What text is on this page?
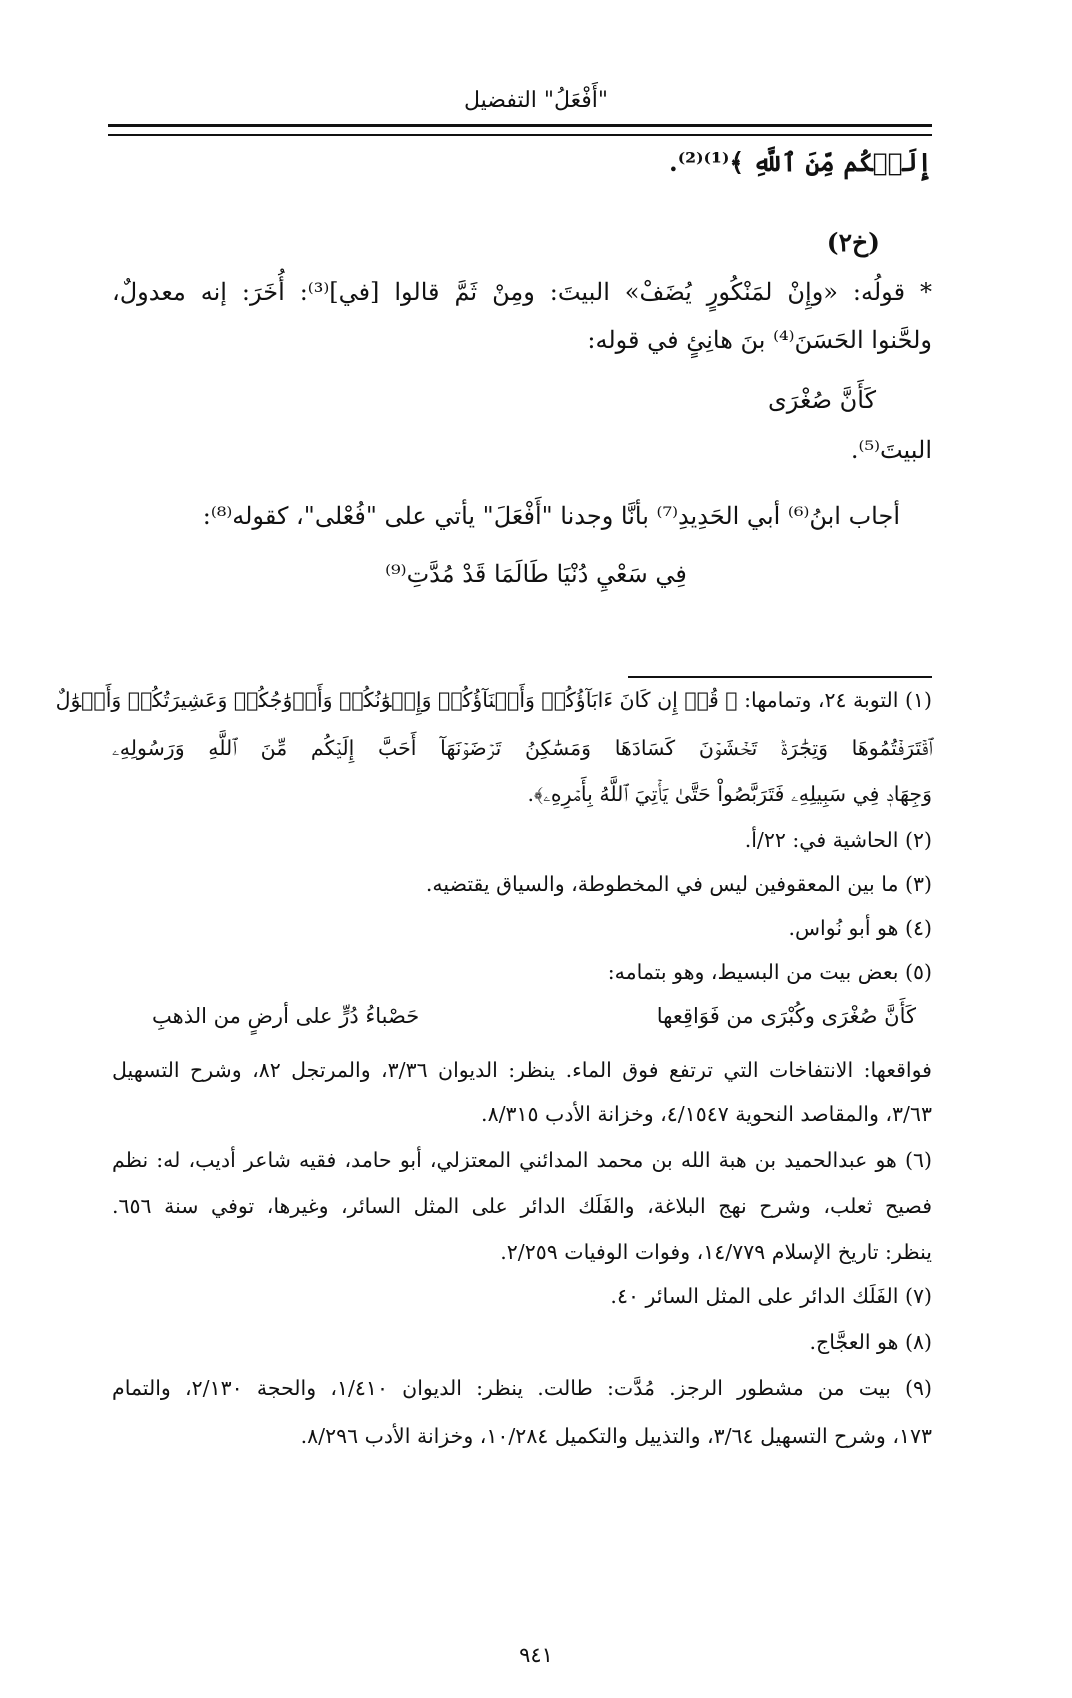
"أَفْعَلُ" التفضيل
إِلَيۡكُم مِّنَ ٱللَّهِ ﴾⁽¹⁾⁽²⁾.
(خ٢)
* قولُه: «وإِنْ لمَنْكُورٍ يُضَفْ» البيتَ: ومِنْ ثَمَّ قالوا [في]⁽³⁾: أُخَرَ: إنه معدولٌ،
ولحَّنوا الحَسَنَ⁽⁴⁾ بنَ هانِئٍ في قوله:
كَأَنَّ صُغْرَى
البيتَ⁽⁵⁾.
أجاب ابنُ⁽⁶⁾ أبي الحَدِيدِ⁽⁷⁾ بأنَّا وجدنا "أَفْعَلَ" يأتي على "فُعْلى"، كقوله⁽⁸⁾:
فِي سَعْيِ دُنْيَا طَالَمَا قَدْ مُدَّتِ⁽⁹⁾
(١) التوبة ٢٤، وتمامها: ﴿ قُلۡ إِن كَانَ ءَابَآؤُكُمۡ وَأَبۡنَآؤُكُمۡ وَإِخۡوَٰنُكُمۡ وَأَزۡوَٰجُكُمۡ وَعَشِيرَتُكُمۡ وَأَمۡوَٰلٌ
ٱقۡتَرَفۡتُمُوهَا وَتِجَٰرَةٞ تَخۡشَوۡنَ كَسَادَهَا وَمَسَٰكِنُ تَرۡضَوۡنَهَآ أَحَبَّ إِلَيۡكُم مِّنَ ٱللَّهِ وَرَسُولِهِۦ
وَجِهَادٖ فِي سَبِيلِهِۦ فَتَرَبَّصُواْ حَتَّىٰ يَأۡتِيَ ٱللَّهُ بِأَمۡرِهِۦ﴾.
(٢) الحاشية في: ٢٢/أ.
(٣) ما بين المعقوفين ليس في المخطوطة، والسياق يقتضيه.
(٤) هو أبو نُواس.
(٥) بعض بيت من البسيط، وهو بتمامه:
كَأَنَّ صُغْرَى وكُبْرَى من فَوَاقِعها
حَصْباءُ دُرٍّ على أرضٍ من الذهبِ
فواقعها: الانتفاخات التي ترتفع فوق الماء. ينظر: الديوان ٣/٣٦، والمرتجل ٨٢، وشرح التسهيل
٣/٦٣، والمقاصد النحوية ٤/١٥٤٧، وخزانة الأدب ٨/٣١٥.
(٦) هو عبدالحميد بن هبة الله بن محمد المدائني المعتزلي، أبو حامد، فقيه شاعر أديب، له: نظم
فصيح ثعلب، وشرح نهج البلاغة، والفَلَك الدائر على المثل السائر، وغيرها، توفي سنة ٦٥٦.
ينظر: تاريخ الإسلام ١٤/٧٧٩، وفوات الوفيات ٢/٢٥٩.
(٧) الفَلَك الدائر على المثل السائر ٤٠.
(٨) هو العجَّاج.
(٩) بيت من مشطور الرجز. مُدَّت: طالت. ينظر: الديوان ١/٤١٠، والحجة ٢/١٣٠، والتمام
١٧٣، وشرح التسهيل ٣/٦٤، والتذييل والتكميل ١٠/٢٨٤، وخزانة الأدب ٨/٢٩٦.
٩٤١
